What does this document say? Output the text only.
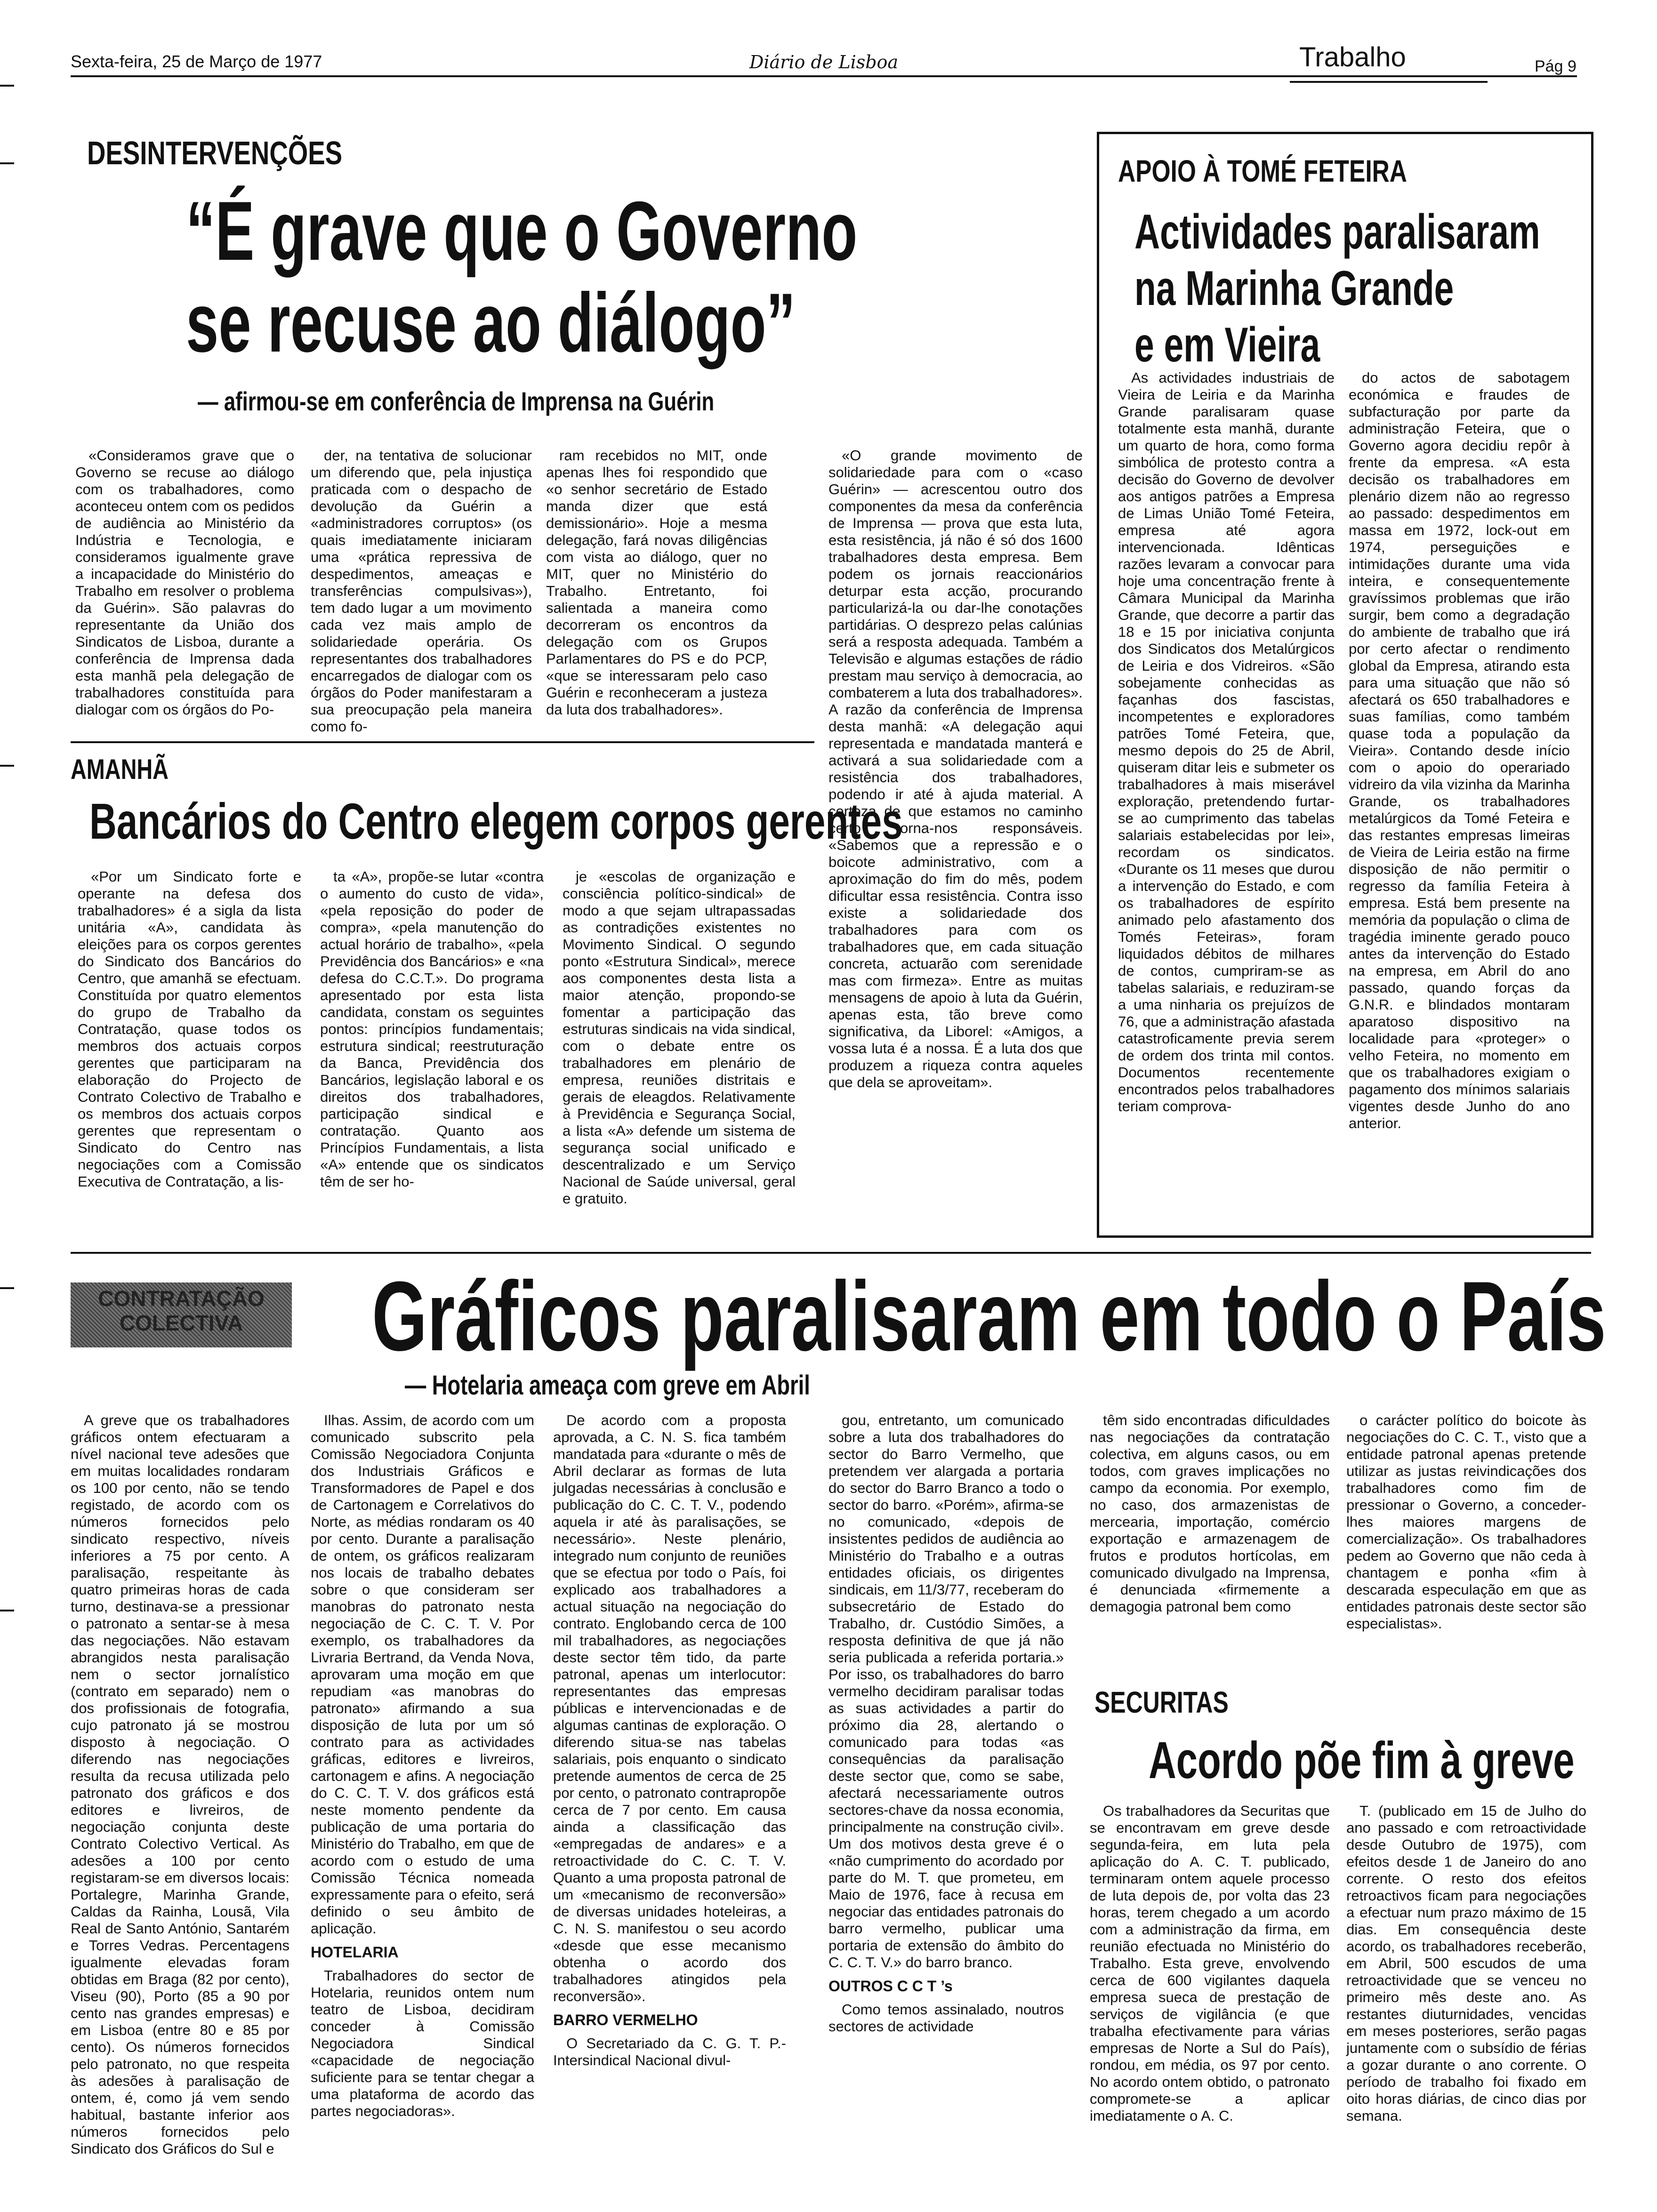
Sexta-feira, 25 de Março de 1977	Diário de Lisboa	Trabalho	Pág 9
DESINTERVENÇÕES
“É grave que o Governo
se recuse ao diálogo”
— afirmou-se em conferência de Imprensa na Guérin

«Consideramos grave que o Governo se recuse ao diálogo com os trabalhadores, como aconteceu ontem com os pedidos de audiência ao Ministério da Indústria e Tecnologia, e consideramos igualmente grave a incapacidade do Ministério do Trabalho em resolver o problema da Guérin». São palavras do representante da União dos Sindicatos de Lisboa, durante a conferência de Imprensa dada esta manhã pela delegação de trabalhadores constituída para dialogar com os órgãos do Po-

der, na tentativa de solucionar um diferendo que, pela injustiça praticada com o despacho de devolução da Guérin a «administradores corruptos» (os quais imediatamente iniciaram uma «prática repressiva de despedimentos, ameaças e transferências compulsivas»), tem dado lugar a um movimento cada vez mais amplo de solidariedade operária. Os representantes dos trabalhadores encarregados de dialogar com os órgãos do Poder manifestaram a sua preocupação pela maneira como fo-

ram recebidos no MIT, onde apenas lhes foi respondido que «o senhor secretário de Estado manda dizer que está demissionário». Hoje a mesma delegação, fará novas diligências com vista ao diálogo, quer no MIT, quer no Ministério do Trabalho. Entretanto, foi salientada a maneira como decorreram os encontros da delegação com os Grupos Parlamentares do PS e do PCP, «que se interessaram pelo caso Guérin e reconheceram a justeza da luta dos trabalhadores».

«O grande movimento de solidariedade para com o «caso Guérin» — acrescentou outro dos componentes da mesa da conferência de Imprensa — prova que esta luta, esta resistência, já não é só dos 1600 trabalhadores desta empresa. Bem podem os jornais reaccionários deturpar esta acção, procurando particularizá-la ou dar-lhe conotações partidárias. O desprezo pelas calúnias será a resposta adequada. Também a Televisão e algumas estações de rádio prestam mau serviço à democracia, ao combaterem a luta dos trabalhadores». A razão da conferência de Imprensa desta manhã: «A delegação aqui representada e mandatada manterá e activará a sua solidariedade com a resistência dos trabalhadores, podendo ir até à ajuda material. A certeza de que estamos no caminho certo torna-nos responsáveis. «Sabemos que a repressão e o boicote administrativo, com a aproximação do fim do mês, podem dificultar essa resistência. Contra isso existe a solidariedade dos trabalhadores para com os trabalhadores que, em cada situação concreta, actuarão com serenidade mas com firmeza». Entre as muitas mensagens de apoio à luta da Guérin, apenas esta, tão breve como significativa, da Liborel: «Amigos, a vossa luta é a nossa. É a luta dos que produzem a riqueza contra aqueles que dela se aproveitam».

AMANHÃ
Bancários do Centro elegem corpos gerentes

«Por um Sindicato forte e operante na defesa dos trabalhadores» é a sigla da lista unitária «A», candidata às eleições para os corpos gerentes do Sindicato dos Bancários do Centro, que amanhã se efectuam. Constituída por quatro elementos do grupo de Trabalho da Contratação, quase todos os membros dos actuais corpos gerentes que participaram na elaboração do Projecto de Contrato Colectivo de Trabalho e os membros dos actuais corpos gerentes que representam o Sindicato do Centro nas negociações com a Comissão Executiva de Contratação, a lis-

ta «A», propõe-se lutar «contra o aumento do custo de vida», «pela reposição do poder de compra», «pela manutenção do actual horário de trabalho», «pela Previdência dos Bancários» e «na defesa do C.C.T.». Do programa apresentado por esta lista candidata, constam os seguintes pontos: princípios fundamentais; estrutura sindical; reestruturação da Banca, Previdência dos Bancários, legislação laboral e os direitos dos trabalhadores, participação sindical e contratação. Quanto aos Princípios Fundamentais, a lista «A» entende que os sindicatos têm de ser ho-

je «escolas de organização e consciência político-sindical» de modo a que sejam ultrapassadas as contradições existentes no Movimento Sindical. O segundo ponto «Estrutura Sindical», merece aos componentes desta lista a maior atenção, propondo-se fomentar a participação das estruturas sindicais na vida sindical, com o debate entre os trabalhadores em plenário de empresa, reuniões distritais e gerais de eleagdos. Relativamente à Previdência e Segurança Social, a lista «A» defende um sistema de segurança social unificado e descentralizado e um Serviço Nacional de Saúde universal, geral e gratuito.

APOIO À TOMÉ FETEIRA
Actividades paralisaram
na Marinha Grande
e em Vieira

As actividades industriais de Vieira de Leiria e da Marinha Grande paralisaram quase totalmente esta manhã, durante um quarto de hora, como forma simbólica de protesto contra a decisão do Governo de devolver aos antigos patrões a Empresa de Limas União Tomé Feteira, empresa até agora intervencionada. Idênticas razões levaram a convocar para hoje uma concentração frente à Câmara Municipal da Marinha Grande, que decorre a partir das 18 e 15 por iniciativa conjunta dos Sindicatos dos Metalúrgicos de Leiria e dos Vidreiros. «São sobejamente conhecidas as façanhas dos fascistas, incompetentes e exploradores patrões Tomé Feteira, que, mesmo depois do 25 de Abril, quiseram ditar leis e submeter os trabalhadores à mais miserável exploração, pretendendo furtar-se ao cumprimento das tabelas salariais estabelecidas por lei», recordam os sindicatos. «Durante os 11 meses que durou a intervenção do Estado, e com os trabalhadores de espírito animado pelo afastamento dos Tomés Feteiras», foram liquidados débitos de milhares de contos, cumpriram-se as tabelas salariais, e reduziram-se a uma ninharia os prejuízos de 76, que a administração afastada catastroficamente previa serem de ordem dos trinta mil contos. Documentos recentemente encontrados pelos trabalhadores teriam comprova-

do actos de sabotagem económica e fraudes de subfacturação por parte da administração Feteira, que o Governo agora decidiu repôr à frente da empresa. «A esta decisão os trabalhadores em plenário dizem não ao regresso ao passado: despedimentos em massa em 1972, lock-out em 1974, perseguições e intimidações durante uma vida inteira, e consequentemente gravíssimos problemas que irão surgir, bem como a degradação do ambiente de trabalho que irá por certo afectar o rendimento global da Empresa, atirando esta para uma situação que não só afectará os 650 trabalhadores e suas famílias, como também quase toda a população da Vieira». Contando desde início com o apoio do operariado vidreiro da vila vizinha da Marinha Grande, os trabalhadores metalúrgicos da Tomé Feteira e das restantes empresas limeiras de Vieira de Leiria estão na firme disposição de não permitir o regresso da família Feteira à empresa. Está bem presente na memória da população o clima de tragédia iminente gerado pouco antes da intervenção do Estado na empresa, em Abril do ano passado, quando forças da G.N.R. e blindados montaram aparatoso dispositivo na localidade para «proteger» o velho Feteira, no momento em que os trabalhadores exigiam o pagamento dos mínimos salariais vigentes desde Junho do ano anterior.

CONTRATAÇÃO
COLECTIVA	Gráficos paralisaram em todo o País
— Hotelaria ameaça com greve em Abril

A greve que os trabalhadores gráficos ontem efectuaram a nível nacional teve adesões que em muitas localidades rondaram os 100 por cento, não se tendo registado, de acordo com os números fornecidos pelo sindicato respectivo, níveis inferiores a 75 por cento. A paralisação, respeitante às quatro primeiras horas de cada turno, destinava-se a pressionar o patronato a sentar-se à mesa das negociações. Não estavam abrangidos nesta paralisação nem o sector jornalístico (contrato em separado) nem o dos profissionais de fotografia, cujo patronato já se mostrou disposto à negociação. O diferendo nas negociações resulta da recusa utilizada pelo patronato dos gráficos e dos editores e livreiros, de negociação conjunta deste Contrato Colectivo Vertical. As adesões a 100 por cento registaram-se em diversos locais: Portalegre, Marinha Grande, Caldas da Rainha, Lousã, Vila Real de Santo António, Santarém e Torres Vedras. Percentagens igualmente elevadas foram obtidas em Braga (82 por cento), Viseu (90), Porto (85 a 90 por cento nas grandes empresas) e em Lisboa (entre 80 e 85 por cento). Os números fornecidos pelo patronato, no que respeita às adesões à paralisação de ontem, é, como já vem sendo habitual, bastante inferior aos números fornecidos pelo Sindicato dos Gráficos do Sul e

Ilhas. Assim, de acordo com um comunicado subscrito pela Comissão Negociadora Conjunta dos Industriais Gráficos e Transformadores de Papel e dos de Cartonagem e Correlativos do Norte, as médias rondaram os 40 por cento. Durante a paralisação de ontem, os gráficos realizaram nos locais de trabalho debates sobre o que consideram ser manobras do patronato nesta negociação de C. C. T. V. Por exemplo, os trabalhadores da Livraria Bertrand, da Venda Nova, aprovaram uma moção em que repudiam «as manobras do patronato» afirmando a sua disposição de luta por um só contrato para as actividades gráficas, editores e livreiros, cartonagem e afins. A negociação do C. C. T. V. dos gráficos está neste momento pendente da publicação de uma portaria do Ministério do Trabalho, em que de acordo com o estudo de uma Comissão Técnica nomeada expressamente para o efeito, será definido o seu âmbito de aplicação.

HOTELARIA

Trabalhadores do sector de Hotelaria, reunidos ontem num teatro de Lisboa, decidiram conceder à Comissão Negociadora Sindical «capacidade de negociação suficiente para se tentar chegar a uma plataforma de acordo das partes negociadoras».

De acordo com a proposta aprovada, a C. N. S. fica também mandatada para «durante o mês de Abril declarar as formas de luta julgadas necessárias à conclusão e publicação do C. C. T. V., podendo aquela ir até às paralisações, se necessário». Neste plenário, integrado num conjunto de reuniões que se efectua por todo o País, foi explicado aos trabalhadores a actual situação na negociação do contrato. Englobando cerca de 100 mil trabalhadores, as negociações deste sector têm tido, da parte patronal, apenas um interlocutor: representantes das empresas públicas e intervencionadas e de algumas cantinas de exploração. O diferendo situa-se nas tabelas salariais, pois enquanto o sindicato pretende aumentos de cerca de 25 por cento, o patronato contrapropõe cerca de 7 por cento. Em causa ainda a classificação das «empregadas de andares» e a retroactividade do C. C. T. V. Quanto a uma proposta patronal de um «mecanismo de reconversão» de diversas unidades hoteleiras, a C. N. S. manifestou o seu acordo «desde que esse mecanismo obtenha o acordo dos trabalhadores atingidos pela reconversão».

BARRO VERMELHO

O Secretariado da C. G. T. P.-Intersindical Nacional divul-

gou, entretanto, um comunicado sobre a luta dos trabalhadores do sector do Barro Vermelho, que pretendem ver alargada a portaria do sector do Barro Branco a todo o sector do barro. «Porém», afirma-se no comunicado, «depois de insistentes pedidos de audiência ao Ministério do Trabalho e a outras entidades oficiais, os dirigentes sindicais, em 11/3/77, receberam do subsecretário de Estado do Trabalho, dr. Custódio Simões, a resposta definitiva de que já não seria publicada a referida portaria.» Por isso, os trabalhadores do barro vermelho decidiram paralisar todas as suas actividades a partir do próximo dia 28, alertando o comunicado para todas «as consequências da paralisação deste sector que, como se sabe, afectará necessariamente outros sectores-chave da nossa economia, principalmente na construção civil». Um dos motivos desta greve é o «não cumprimento do acordado por parte do M. T. que prometeu, em Maio de 1976, face à recusa em negociar das entidades patronais do barro vermelho, publicar uma portaria de extensão do âmbito do C. C. T. V.» do barro branco.

OUTROS C C T ’s

Como temos assinalado, noutros sectores de actividade

têm sido encontradas dificuldades nas negociações da contratação colectiva, em alguns casos, ou em todos, com graves implicações no campo da economia. Por exemplo, no caso, dos armazenistas de mercearia, importação, comércio exportação e armazenagem de frutos e produtos hortícolas, em comunicado divulgado na Imprensa, é denunciada «firmemente a demagogia patronal bem como

o carácter político do boicote às negociações do C. C. T., visto que a entidade patronal apenas pretende utilizar as justas reivindicações dos trabalhadores como fim de pressionar o Governo, a conceder-lhes maiores margens de comercialização». Os trabalhadores pedem ao Governo que não ceda à chantagem e ponha «fim à descarada especulação em que as entidades patronais deste sector são especialistas».

SECURITAS
Acordo põe fim à greve

Os trabalhadores da Securitas que se encontravam em greve desde segunda-feira, em luta pela aplicação do A. C. T. publicado, terminaram ontem aquele processo de luta depois de, por volta das 23 horas, terem chegado a um acordo com a administração da firma, em reunião efectuada no Ministério do Trabalho. Esta greve, envolvendo cerca de 600 vigilantes daquela empresa sueca de prestação de serviços de vigilância (e que trabalha efectivamente para várias empresas de Norte a Sul do País), rondou, em média, os 97 por cento. No acordo ontem obtido, o patronato compromete-se a aplicar imediatamente o A. C.

T. (publicado em 15 de Julho do ano passado e com retroactividade desde Outubro de 1975), com efeitos desde 1 de Janeiro do ano corrente. O resto dos efeitos retroactivos ficam para negociações a efectuar num prazo máximo de 15 dias. Em consequência deste acordo, os trabalhadores receberão, em Abril, 500 escudos de uma retroactividade que se venceu no primeiro mês deste ano. As restantes diuturnidades, vencidas em meses posteriores, serão pagas juntamente com o subsídio de férias a gozar durante o ano corrente. O período de trabalho foi fixado em oito horas diárias, de cinco dias por semana.
